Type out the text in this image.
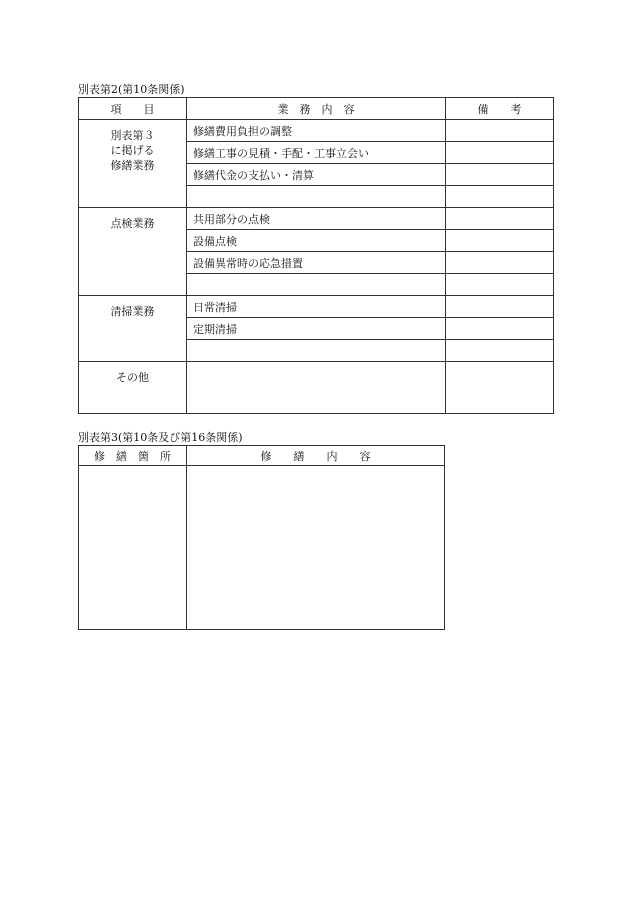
別表第2(第10条関係)
項　　目	業　務　内　容	備　　考

別表第３
に掲げる
修繕業務	修繕費用負担の調整	
	修繕工事の見積・手配・工事立会い	
	修繕代金の支払い・清算	

点検業務	共用部分の点検	
	設備点検	
	設備異常時の応急措置	

清掃業務	日常清掃	
	定期清掃	

その他		

別表第3(第10条及び第16条関係)
修　繕　箇　所	修　　繕　　内　　容
